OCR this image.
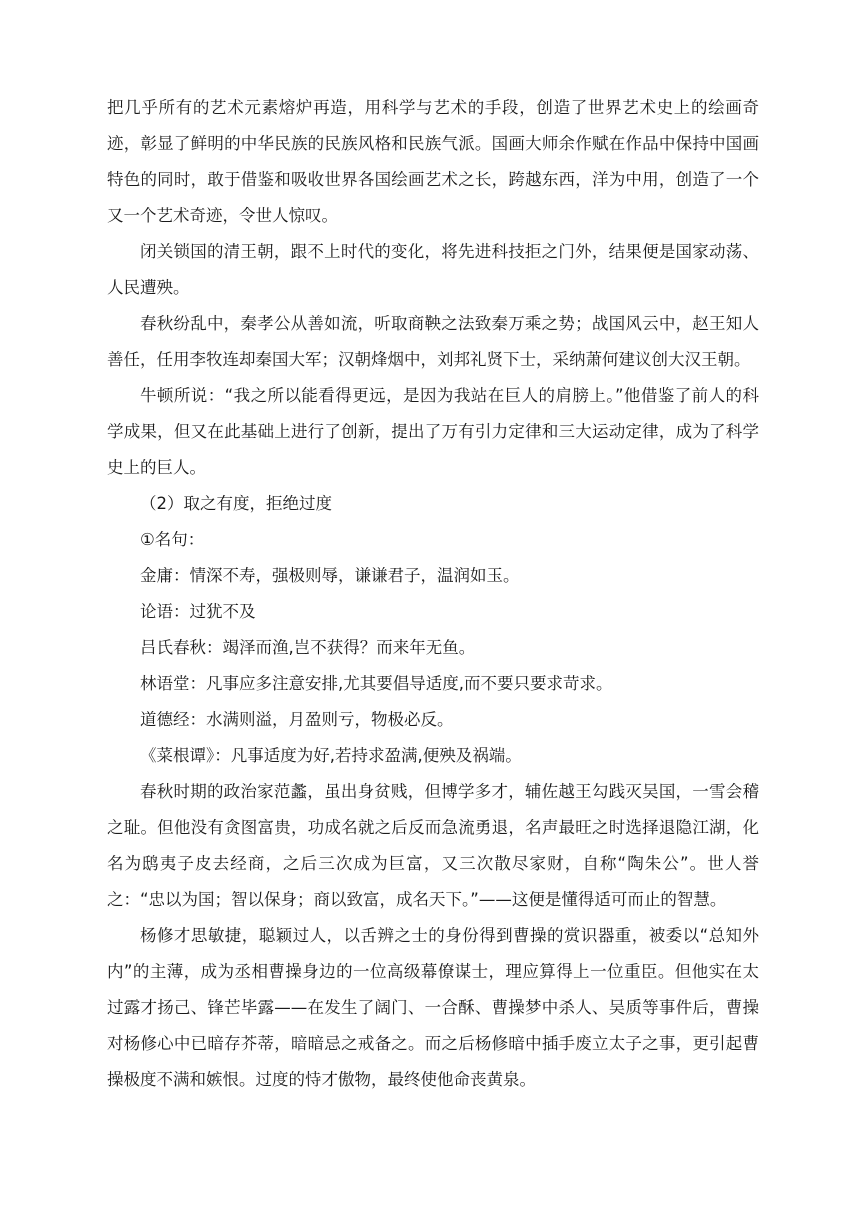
把几乎所有的艺术元素熔炉再造，用科学与艺术的手段，创造了世界艺术史上的绘画奇迹，彰显了鲜明的中华民族的民族风格和民族气派。国画大师余作赋在作品中保持中国画特色的同时，敢于借鉴和吸收世界各国绘画艺术之长，跨越东西，洋为中用，创造了一个又一个艺术奇迹，令世人惊叹。

闭关锁国的清王朝，跟不上时代的变化，将先进科技拒之门外，结果便是国家动荡、人民遭殃。

春秋纷乱中，秦孝公从善如流，听取商鞅之法致秦万乘之势；战国风云中，赵王知人善任，任用李牧连却秦国大军；汉朝烽烟中，刘邦礼贤下士，采纳萧何建议创大汉王朝。

牛顿所说：“我之所以能看得更远，是因为我站在巨人的肩膀上。”他借鉴了前人的科学成果，但又在此基础上进行了创新，提出了万有引力定律和三大运动定律，成为了科学史上的巨人。

（2）取之有度，拒绝过度

①名句：

金庸：情深不寿，强极则辱，谦谦君子，温润如玉。

论语：过犹不及

吕氏春秋：竭泽而渔,岂不获得？而来年无鱼。

林语堂：凡事应多注意安排,尤其要倡导适度,而不要只要求苛求。

道德经：水满则溢，月盈则亏，物极必反。

《菜根谭》：凡事适度为好,若持求盈满,便殃及祸端。

春秋时期的政治家范蠡，虽出身贫贱，但博学多才，辅佐越王勾践灭吴国，一雪会稽之耻。但他没有贪图富贵，功成名就之后反而急流勇退，名声最旺之时选择退隐江湖，化名为鸱夷子皮去经商，之后三次成为巨富，又三次散尽家财，自称“陶朱公”。世人誉之：“忠以为国；智以保身；商以致富，成名天下。”——这便是懂得适可而止的智慧。

杨修才思敏捷，聪颖过人，以舌辨之士的身份得到曹操的赏识器重，被委以“总知外内”的主薄，成为丞相曹操身边的一位高级幕僚谋士，理应算得上一位重臣。但他实在太过露才扬己、锋芒毕露——在发生了阔门、一合酥、曹操梦中杀人、吴质等事件后，曹操对杨修心中已暗存芥蒂，暗暗忌之戒备之。而之后杨修暗中插手废立太子之事，更引起曹操极度不满和嫉恨。过度的恃才傲物，最终使他命丧黄泉。
